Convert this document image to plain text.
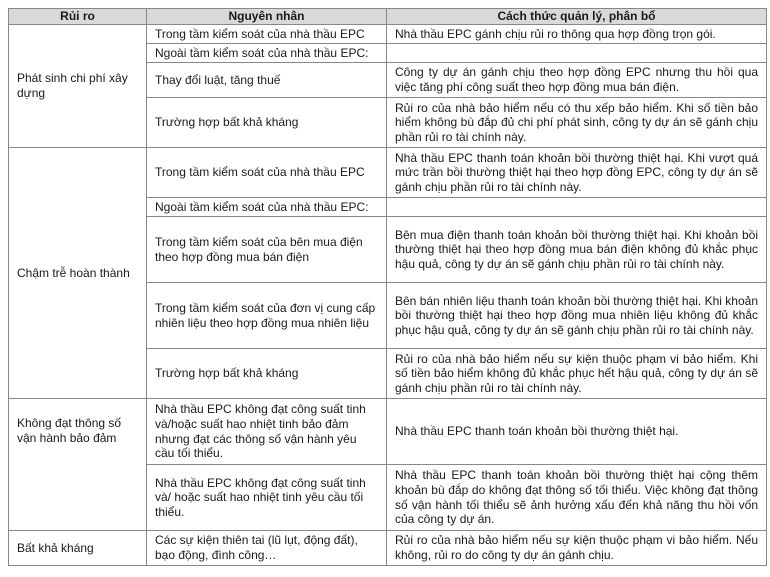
Rủi ro	Nguyên nhân	Cách thức quản lý, phân bổ
Phát sinh chi phí xây dựng	Trong tầm kiểm soát của nhà thầu EPC	Nhà thầu EPC gánh chịu rủi ro thông qua hợp đồng trọn gói.
	Ngoài tầm kiểm soát của nhà thầu EPC:	
	Thay đổi luật, tăng thuế	Công ty dự án gánh chịu theo hợp đồng EPC nhưng thu hồi qua việc tăng phí công suất theo hợp đồng mua bán điện.
	Trường hợp bất khả kháng	Rủi ro của nhà bảo hiểm nếu có thu xếp bảo hiểm. Khi số tiền bảo hiểm không bù đắp đủ chi phí phát sinh, công ty dự án sẽ gánh chịu phần rủi ro tài chính này.
Chậm trễ hoàn thành	Trong tầm kiểm soát của nhà thầu EPC	Nhà thầu EPC thanh toán khoản bồi thường thiệt hại. Khi vượt quá mức trần bồi thường thiệt hại theo hợp đồng EPC, công ty dự án sẽ gánh chịu phần rủi ro tài chính này.
	Ngoài tầm kiểm soát của nhà thầu EPC:	
	Trong tầm kiểm soát của bên mua điện theo hợp đồng mua bán điện	Bên mua điện thanh toán khoản bồi thường thiệt hại. Khi khoản bồi thường thiệt hại theo hợp đồng mua bán điện không đủ khắc phục hậu quả, công ty dự án sẽ gánh chịu phần rủi ro tài chính này.
	Trong tầm kiểm soát của đơn vị cung cấp nhiên liệu theo hợp đồng mua nhiên liệu	Bên bán nhiên liệu thanh toán khoản bồi thường thiệt hại. Khi khoản bồi thường thiệt hại theo hợp đồng mua nhiên liệu không đủ khắc phục hậu quả, công ty dự án sẽ gánh chịu phần rủi ro tài chính này.
	Trường hợp bất khả kháng	Rủi ro của nhà bảo hiểm nếu sự kiện thuộc phạm vi bảo hiểm. Khi số tiền bảo hiểm không đủ khắc phục hết hậu quả, công ty dự án sẽ gánh chịu phần rủi ro tài chính này.
Không đạt thông số vận hành bảo đảm	Nhà thầu EPC không đạt công suất tinh và/hoặc suất hao nhiệt tinh bảo đảm nhưng đạt các thông số vận hành yêu cầu tối thiểu.	Nhà thầu EPC thanh toán khoản bồi thường thiệt hại.
	Nhà thầu EPC không đạt công suất tinh và/ hoặc suất hao nhiệt tinh yêu cầu tối thiểu.	Nhà thầu EPC thanh toán khoản bồi thường thiệt hại cộng thêm khoản bù đắp do không đạt thông số tối thiểu. Việc không đạt thông số vận hành tối thiểu sẽ ảnh hưởng xấu đến khả năng thu hồi vốn của công ty dự án.
Bất khả kháng	Các sự kiện thiên tai (lũ lụt, động đất), bạo động, đình công…	Rủi ro của nhà bảo hiểm nếu sự kiện thuộc phạm vi bảo hiểm. Nếu không, rủi ro do công ty dự án gánh chịu.
